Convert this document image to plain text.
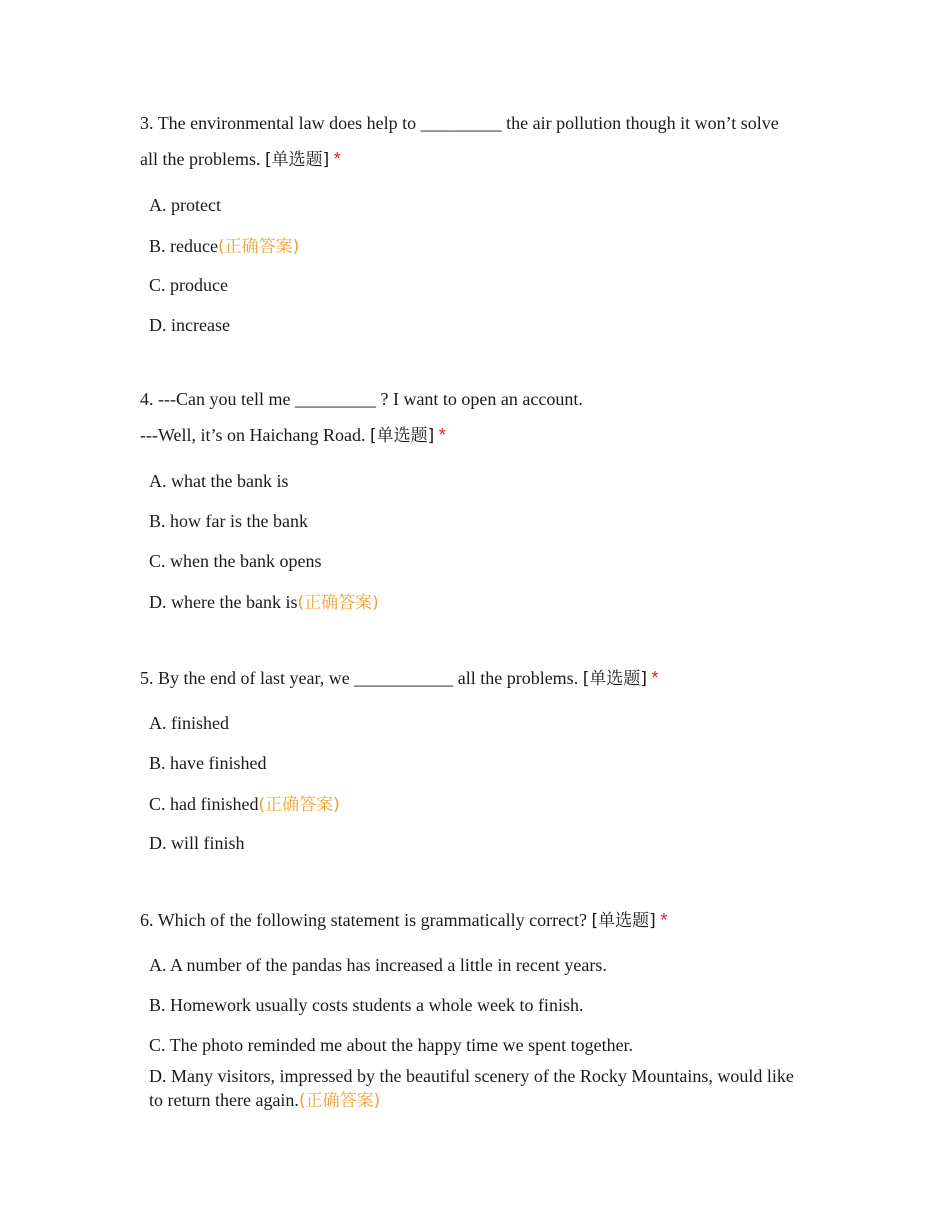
3. The environmental law does help to _________ the air pollution though it won’t solve
all the problems. [单选题] *
A. protect
B. reduce(正确答案)
C. produce
D. increase
4. ---Can you tell me _________ ? I want to open an account.
---Well, it’s on Haichang Road. [单选题] *
A. what the bank is
B. how far is the bank
C. when the bank opens
D. where the bank is(正确答案)
5. By the end of last year, we ___________ all the problems. [单选题] *
A. finished
B. have finished
C. had finished(正确答案)
D. will finish
6. Which of the following statement is grammatically correct? [单选题] *
A. A number of the pandas has increased a little in recent years.
B. Homework usually costs students a whole week to finish.
C. The photo reminded me about the happy time we spent together.
D. Many visitors, impressed by the beautiful scenery of the Rocky Mountains, would like to return there again.(正确答案)
